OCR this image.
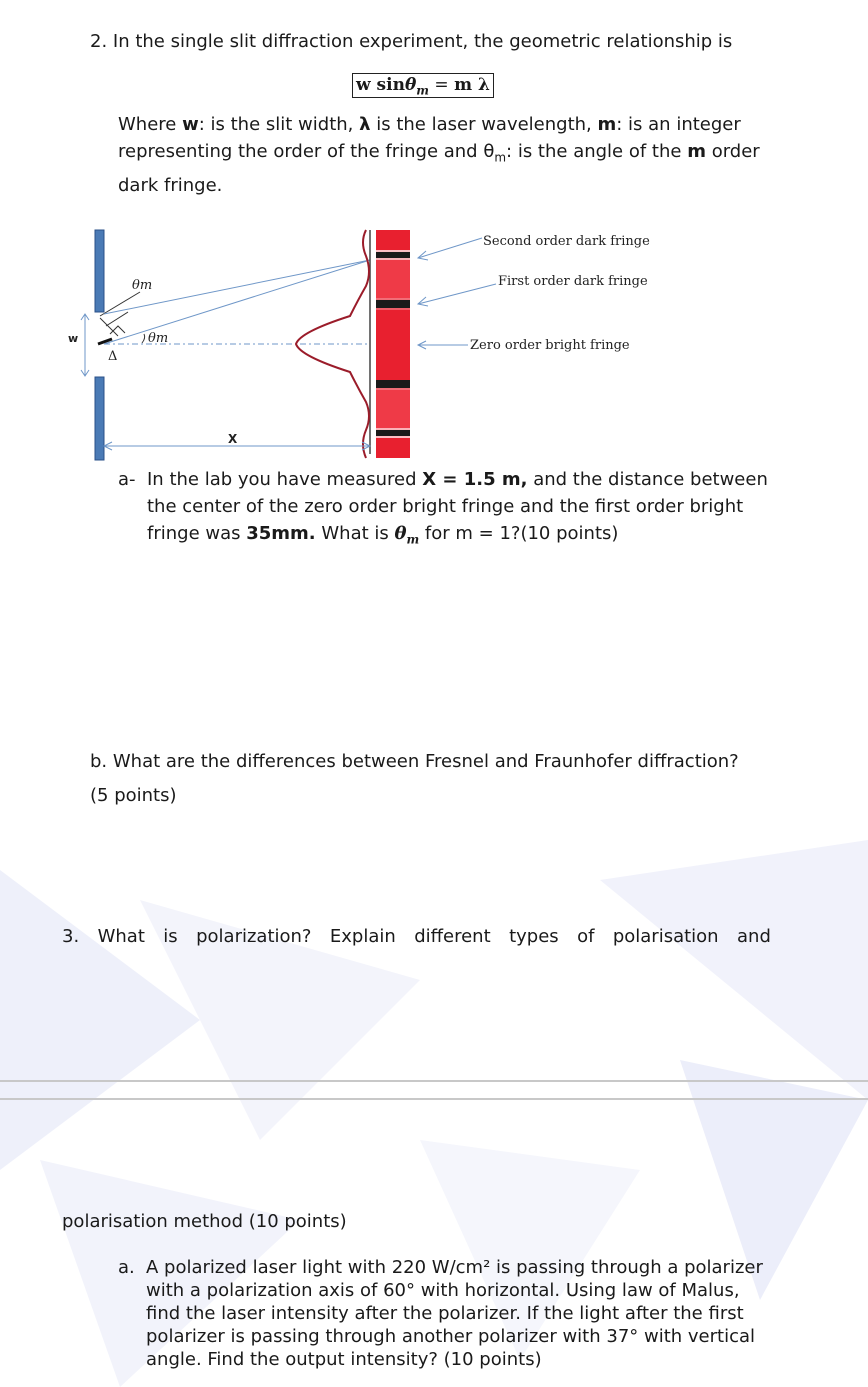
2. In the single slit diffraction experiment, the geometric relationship is
w sinθ$_m$ = m λ
Where w: is the slit width, λ is the laser wavelength, m: is an integer representing the order of the fringe and $\theta_m$: is the angle of the m order dark fringe.
w
Δ
θm
θm
X
Second order dark fringe
First order dark fringe
Zero order bright fringe
a- In the lab you have measured X = 1.5 m, and the distance between the center of the zero order bright fringe and the first order bright fringe was 35mm. What is $\theta_m$ for m = 1?(10 points)
b. What are the differences between Fresnel and Fraunhofer diffraction?
(5 points)
3. What is polarization? Explain different types of polarisation and
polarisation method (10 points)
a. A polarized laser light with 220 W/cm² is passing through a polarizer with a polarization axis of 60° with horizontal. Using law of Malus, find the laser intensity after the polarizer. If the light after the first polarizer is passing through another polarizer with 37° with vertical angle. Find the output intensity? (10 points)
